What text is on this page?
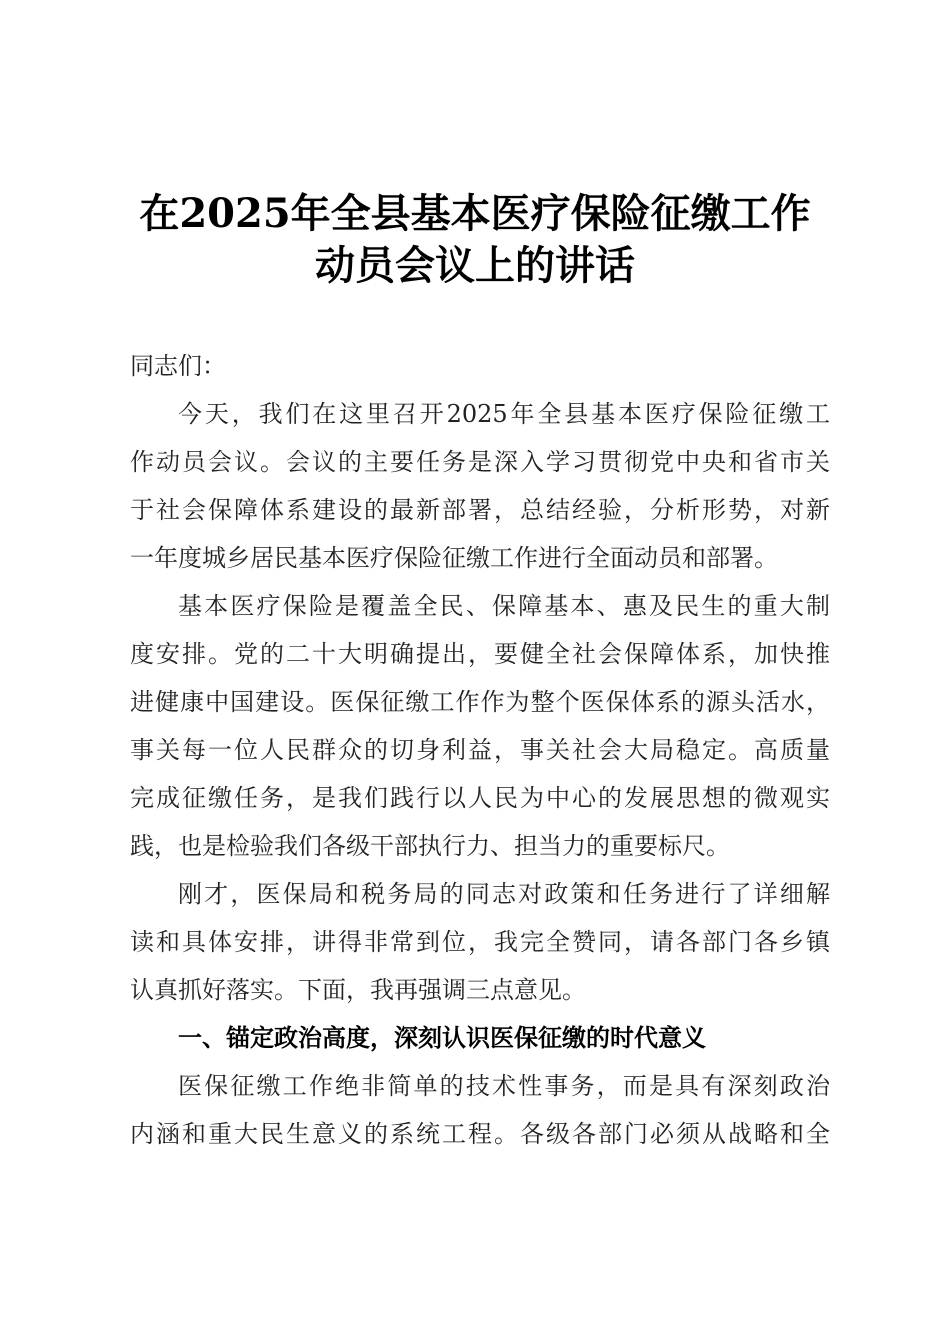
在2025年全县基本医疗保险征缴工作
动员会议上的讲话
同志们：
今天，我们在这里召开2025年全县基本医疗保险征缴工
作动员会议。会议的主要任务是深入学习贯彻党中央和省市关
于社会保障体系建设的最新部署，总结经验，分析形势，对新
一年度城乡居民基本医疗保险征缴工作进行全面动员和部署。
基本医疗保险是覆盖全民、保障基本、惠及民生的重大制
度安排。党的二十大明确提出，要健全社会保障体系，加快推
进健康中国建设。医保征缴工作作为整个医保体系的源头活水，
事关每一位人民群众的切身利益，事关社会大局稳定。高质量
完成征缴任务，是我们践行以人民为中心的发展思想的微观实
践，也是检验我们各级干部执行力、担当力的重要标尺。
刚才，医保局和税务局的同志对政策和任务进行了详细解
读和具体安排，讲得非常到位，我完全赞同，请各部门各乡镇
认真抓好落实。下面，我再强调三点意见。
一、锚定政治高度，深刻认识医保征缴的时代意义
医保征缴工作绝非简单的技术性事务，而是具有深刻政治
内涵和重大民生意义的系统工程。各级各部门必须从战略和全
